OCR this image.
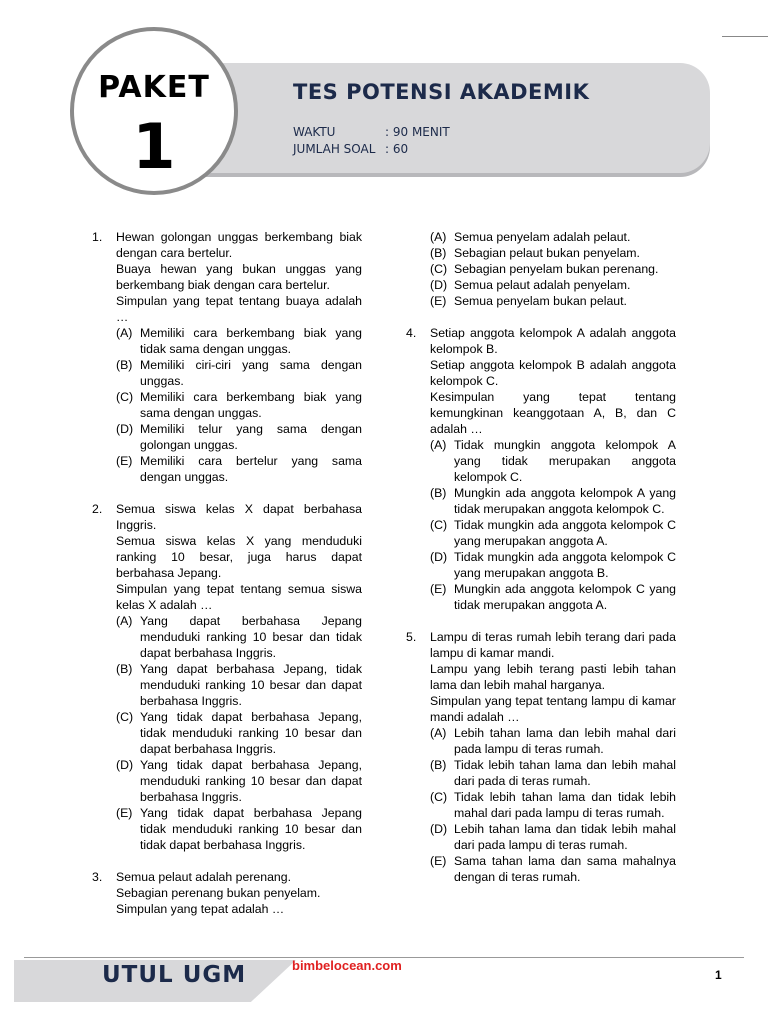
TES POTENSI AKADEMIK
WAKTU	: 90 MENIT
JUMLAH SOAL : 60
PAKET
1
1. Hewan golongan unggas berkembang biak dengan cara bertelur.
Buaya hewan yang bukan unggas yang berkembang biak dengan cara bertelur.
Simpulan yang tepat tentang buaya adalah …
(A) Memiliki cara berkembang biak yang tidak sama dengan unggas.
(B) Memiliki ciri-ciri yang sama dengan unggas.
(C) Memiliki cara berkembang biak yang sama dengan unggas.
(D) Memiliki telur yang sama dengan golongan unggas.
(E) Memiliki cara bertelur yang sama dengan unggas.
2. Semua siswa kelas X dapat berbahasa Inggris.
Semua siswa kelas X yang menduduki ranking 10 besar, juga harus dapat berbahasa Jepang.
Simpulan yang tepat tentang semua siswa kelas X adalah …
(A) Yang dapat berbahasa Jepang menduduki ranking 10 besar dan tidak dapat berbahasa Inggris.
(B) Yang dapat berbahasa Jepang, tidak menduduki ranking 10 besar dan dapat berbahasa Inggris.
(C) Yang tidak dapat berbahasa Jepang, tidak menduduki ranking 10 besar dan dapat berbahasa Inggris.
(D) Yang tidak dapat berbahasa Jepang, menduduki ranking 10 besar dan dapat berbahasa Inggris.
(E) Yang tidak dapat berbahasa Jepang tidak menduduki ranking 10 besar dan tidak dapat berbahasa Inggris.
3. Semua pelaut adalah perenang.
Sebagian perenang bukan penyelam.
Simpulan yang tepat adalah …
(A) Semua penyelam adalah pelaut.
(B) Sebagian pelaut bukan penyelam.
(C) Sebagian penyelam bukan perenang.
(D) Semua pelaut adalah penyelam.
(E) Semua penyelam bukan pelaut.
4. Setiap anggota kelompok A adalah anggota kelompok B.
Setiap anggota kelompok B adalah anggota kelompok C.
Kesimpulan yang tepat tentang kemungkinan keanggotaan A, B, dan C adalah …
(A) Tidak mungkin anggota kelompok A yang tidak merupakan anggota kelompok C.
(B) Mungkin ada anggota kelompok A yang tidak merupakan anggota kelompok C.
(C) Tidak mungkin ada anggota kelompok C yang merupakan anggota A.
(D) Tidak mungkin ada anggota kelompok C yang merupakan anggota B.
(E) Mungkin ada anggota kelompok C yang tidak merupakan anggota A.
5. Lampu di teras rumah lebih terang dari pada lampu di kamar mandi.
Lampu yang lebih terang pasti lebih tahan lama dan lebih mahal harganya.
Simpulan yang tepat tentang lampu di kamar mandi adalah …
(A) Lebih tahan lama dan lebih mahal dari pada lampu di teras rumah.
(B) Tidak lebih tahan lama dan lebih mahal dari pada di teras rumah.
(C) Tidak lebih tahan lama dan tidak lebih mahal dari pada lampu di teras rumah.
(D) Lebih tahan lama dan tidak lebih mahal dari pada lampu di teras rumah.
(E) Sama tahan lama dan sama mahalnya dengan di teras rumah.
UTUL UGM	bimbelocean.com
1
